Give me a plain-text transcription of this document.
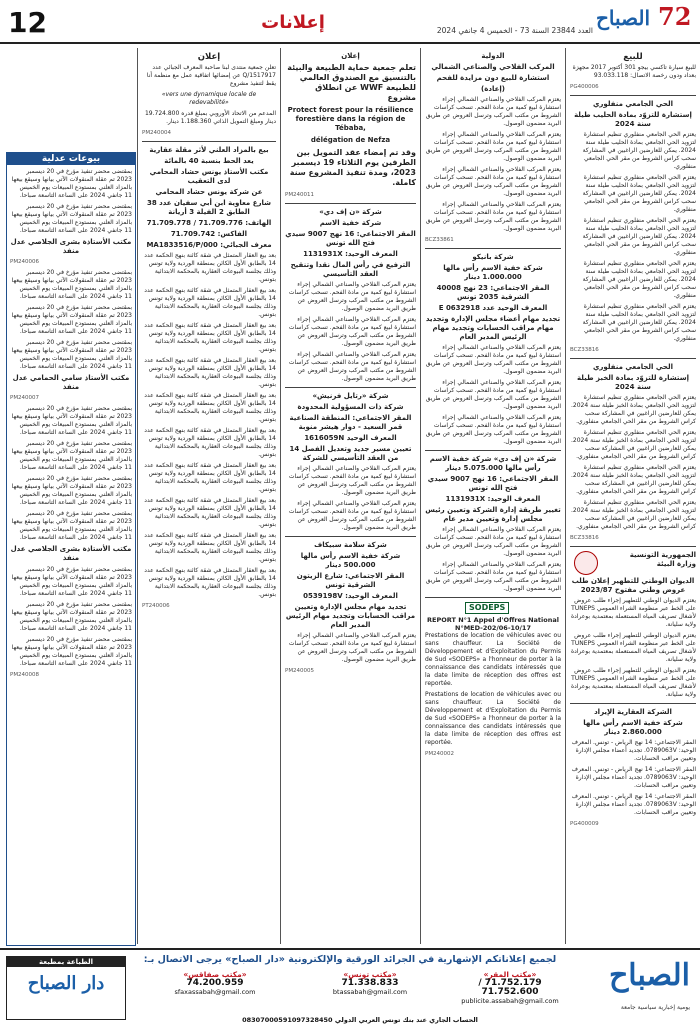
12	إعلانات	العدد 23844 السنة 73 - الخميس 4 جانفي 2024
الصباح 72
للبيع

للبيع سيارة تاكسي بيجو 301 أكتوبر 2017 مجهزة بعداد ودون رخصة الاتصال: 93.033.118

PG400006
الحي الجامعي منفلوري
إستشارة للتزوّد بمادة الحليب طيلة سنة 2024

يعتزم الحي الجامعي منفلوري تنظيم استشارة لتزويد الحي الجامعي بمادة الحليب طيلة سنة 2024. يمكن للعارضين الراغبين في المشاركة سحب كراس الشروط من مقر الحي الجامعي منفلوري.

يعتزم الحي الجامعي منفلوري تنظيم استشارة لتزويد الحي الجامعي بمادة الحليب طيلة سنة 2024. يمكن للعارضين الراغبين في المشاركة سحب كراس الشروط من مقر الحي الجامعي منفلوري.

يعتزم الحي الجامعي منفلوري تنظيم استشارة لتزويد الحي الجامعي بمادة الحليب طيلة سنة 2024. يمكن للعارضين الراغبين في المشاركة سحب كراس الشروط من مقر الحي الجامعي منفلوري.

يعتزم الحي الجامعي منفلوري تنظيم استشارة لتزويد الحي الجامعي بمادة الحليب طيلة سنة 2024. يمكن للعارضين الراغبين في المشاركة سحب كراس الشروط من مقر الحي الجامعي منفلوري.

يعتزم الحي الجامعي منفلوري تنظيم استشارة لتزويد الحي الجامعي بمادة الحليب طيلة سنة 2024. يمكن للعارضين الراغبين في المشاركة سحب كراس الشروط من مقر الحي الجامعي منفلوري.

BCZ33816
الحي الجامعي منفلوري
إستشارة للتزوّد بمادة الخبز طيلة سنة 2024

يعتزم الحي الجامعي منفلوري تنظيم استشارة لتزويد الحي الجامعي بمادة الخبز طيلة سنة 2024. يمكن للعارضين الراغبين في المشاركة سحب كراس الشروط من مقر الحي الجامعي منفلوري.

يعتزم الحي الجامعي منفلوري تنظيم استشارة لتزويد الحي الجامعي بمادة الخبز طيلة سنة 2024. يمكن للعارضين الراغبين في المشاركة سحب كراس الشروط من مقر الحي الجامعي منفلوري.

يعتزم الحي الجامعي منفلوري تنظيم استشارة لتزويد الحي الجامعي بمادة الخبز طيلة سنة 2024. يمكن للعارضين الراغبين في المشاركة سحب كراس الشروط من مقر الحي الجامعي منفلوري.

يعتزم الحي الجامعي منفلوري تنظيم استشارة لتزويد الحي الجامعي بمادة الخبز طيلة سنة 2024. يمكن للعارضين الراغبين في المشاركة سحب كراس الشروط من مقر الحي الجامعي منفلوري.

BCZ33816
الجمهورية التونسية
وزارة البيئة
الديوان الوطني للتطهير إعلان طلب عروض وطني مفتوح 2023/87

يعتزم الديوان الوطني للتطهير إجراء طلب عروض على الخط عبر منظومة الشراء العمومي TUNEPS لأشغال تصريف المياه المستعملة بمعتمدية بوعرادة ولاية سليانة.

يعتزم الديوان الوطني للتطهير إجراء طلب عروض على الخط عبر منظومة الشراء العمومي TUNEPS لأشغال تصريف المياه المستعملة بمعتمدية بوعرادة ولاية سليانة.

يعتزم الديوان الوطني للتطهير إجراء طلب عروض على الخط عبر منظومة الشراء العمومي TUNEPS لأشغال تصريف المياه المستعملة بمعتمدية بوعرادة ولاية سليانة.

الشركة العقارية الإيراد
شركة خفية الاسم رأس مالها 2.860.000 دينار

المقر الاجتماعي: 14 نهج الرياض - تونس. المعرف الوحيد: 0789063V. تجديد أعضاء مجلس الإدارة وتعيين مراقب الحسابات.

المقر الاجتماعي: 14 نهج الرياض - تونس. المعرف الوحيد: 0789063V. تجديد أعضاء مجلس الإدارة وتعيين مراقب الحسابات.

المقر الاجتماعي: 14 نهج الرياض - تونس. المعرف الوحيد: 0789063V. تجديد أعضاء مجلس الإدارة وتعيين مراقب الحسابات.

PG400009
الدولية
المركب الفلاحي والصناعي الشمالي
استشارة للبيع دون مزايدة للفحم
(إعادة)

يعتزم المركب الفلاحي والصناعي الشمالي إجراء استشارة لبيع كمية من مادة الفحم. تسحب كراسات الشروط من مكتب المركب وترسل العروض عن طريق البريد مضمون الوصول.

يعتزم المركب الفلاحي والصناعي الشمالي إجراء استشارة لبيع كمية من مادة الفحم. تسحب كراسات الشروط من مكتب المركب وترسل العروض عن طريق البريد مضمون الوصول.

يعتزم المركب الفلاحي والصناعي الشمالي إجراء استشارة لبيع كمية من مادة الفحم. تسحب كراسات الشروط من مكتب المركب وترسل العروض عن طريق البريد مضمون الوصول.

يعتزم المركب الفلاحي والصناعي الشمالي إجراء استشارة لبيع كمية من مادة الفحم. تسحب كراسات الشروط من مكتب المركب وترسل العروض عن طريق البريد مضمون الوصول.

BCZ33861
شركة بانيكو
شركة خفية الاسم رأس مالها 1.000.000 دينار
المقر الاجتماعي: 23 نهج 40008 الشرقية 2035 تونس
المعرف الوحيد عدد 0632918 E
تجديد مهام أعضاء مجلس الإدارة وتجديد مهام مراقب الحسابات وتجديد مهام الرئيس المدير العام

يعتزم المركب الفلاحي والصناعي الشمالي إجراء استشارة لبيع كمية من مادة الفحم. تسحب كراسات الشروط من مكتب المركب وترسل العروض عن طريق البريد مضمون الوصول.

يعتزم المركب الفلاحي والصناعي الشمالي إجراء استشارة لبيع كمية من مادة الفحم. تسحب كراسات الشروط من مكتب المركب وترسل العروض عن طريق البريد مضمون الوصول.

يعتزم المركب الفلاحي والصناعي الشمالي إجراء استشارة لبيع كمية من مادة الفحم. تسحب كراسات الشروط من مكتب المركب وترسل العروض عن طريق البريد مضمون الوصول.

شركة «ن إف دي» شركة خفية الاسم رأس مالها 5.075.000 دينار
المقر الاجتماعي: 16 نهج 9007 سيدي فتح الله تونس
المعرف الوحيد: 1131931X
تغيير طريقة إدارة الشركة وتعيين رئيس مجلس إدارة وتعيين مدير عام

يعتزم المركب الفلاحي والصناعي الشمالي إجراء استشارة لبيع كمية من مادة الفحم. تسحب كراسات الشروط من مكتب المركب وترسل العروض عن طريق البريد مضمون الوصول.

يعتزم المركب الفلاحي والصناعي الشمالي إجراء استشارة لبيع كمية من مادة الفحم. تسحب كراسات الشروط من مكتب المركب وترسل العروض عن طريق البريد مضمون الوصول.

SODEPS
REPORT N°1 Appel d'Offres National N°MED-202/06-10/17

Prestations de location de véhicules avec ou sans chauffeur. La Société de Développement et d'Exploitation du Permis de Sud «SODEPS» a l'honneur de porter à la connaissance des candidats intéressés que la date limite de réception des offres est reportée.

Prestations de location de véhicules avec ou sans chauffeur. La Société de Développement et d'Exploitation du Permis de Sud «SODEPS» a l'honneur de porter à la connaissance des candidats intéressés que la date limite de réception des offres est reportée.

PM240002
إعلان

تعلم جمعية حماية الطبيعة والبيئة بالتنسيق مع الصندوق العالمي للطبيعة WWF عن انطلاق مشروع

Protect forest pour la résilience forestière dans la région de Tébaba,

délégation de Nefza

وقد تم إمضاء عقد التمويل بين الطرفين يوم الثلاثاء 19 ديسمبر 2023، ومدة تنفيذ المشروع سنة كاملة.

PM240011
شركة «ن إف دي»
شركة خفية الاسم
المقر الاجتماعي: 16 نهج 9007 سيدي فتح الله تونس
المعرف الوحيد: 1131931X
الترفيع في رأس المال نقدا وتنقيح العقد التأسيسي

يعتزم المركب الفلاحي والصناعي الشمالي إجراء استشارة لبيع كمية من مادة الفحم. تسحب كراسات الشروط من مكتب المركب وترسل العروض عن طريق البريد مضمون الوصول.

يعتزم المركب الفلاحي والصناعي الشمالي إجراء استشارة لبيع كمية من مادة الفحم. تسحب كراسات الشروط من مكتب المركب وترسل العروض عن طريق البريد مضمون الوصول.

يعتزم المركب الفلاحي والصناعي الشمالي إجراء استشارة لبيع كمية من مادة الفحم. تسحب كراسات الشروط من مكتب المركب وترسل العروض عن طريق البريد مضمون الوصول.

شركة «رتايل فرنيش»
شركة ذات المسؤولية المحدودة
المقر الاجتماعي: المنطقة الصناعية قمر السعيد - دوار هيشر منوبة
المعرف الوحيد 1616059N
تعيين مسير جديد وتعديل الفصل 14 من العقد التأسيسي للشركة

يعتزم المركب الفلاحي والصناعي الشمالي إجراء استشارة لبيع كمية من مادة الفحم. تسحب كراسات الشروط من مكتب المركب وترسل العروض عن طريق البريد مضمون الوصول.

يعتزم المركب الفلاحي والصناعي الشمالي إجراء استشارة لبيع كمية من مادة الفحم. تسحب كراسات الشروط من مكتب المركب وترسل العروض عن طريق البريد مضمون الوصول.

شركة سلامة سبيكاف
شركة خفية الاسم رأس مالها 500.000 دينار
المقر الاجتماعي: شارع الزيتون الشرقية تونس
المعرف الوحيد: 0539198V
تجديد مهام مجلس الإدارة وتعيين مراقب الحسابات وتجديد مهام الرئيس المدير العام

يعتزم المركب الفلاحي والصناعي الشمالي إجراء استشارة لبيع كمية من مادة الفحم. تسحب كراسات الشروط من مكتب المركب وترسل العروض عن طريق البريد مضمون الوصول.

PM240005
إعلان

تعلن جمعية منتدى لبنا صاحبة المعرف الجبائي عدد 1517917/Q عن إمضائها اتفاقية عمل مع منظمة أنا يقظ لتنفيذ مشروع

«vers une dynamique locale de redevabilité»

المدعم من الاتحاد الأوروبي بمبلغ قدره 19.724.800 دينار ومبلغ التمويل الذاتي 1.188.360 دينار.

PM240004
بيع بالمزاد العلني لأثر مقلة عقارية
يعد الحط بنسبة 40 بالمائة
مكتب الأستاذ يونس حشاد المحامي لدى التعقيب
عن شركة يونس حشاد المحامي
شارع معاوية ابن أبي سفيان عدد 38 الطابق 2 الفيلة 3 أريانة
الهاتف: 71.709.776 / 71.709.778
الفاكس: 71.709.742
معرف الجبائي: MA1833516/P/000

بعد بيع العقار المتمثل في شقة كائنة بنهج الحكمة عدد 14 بالطابق الأول الكائن بمنطقة الوردية ولاية تونس وذلك بجلسة البيوعات العقارية بالمحكمة الابتدائية بتونس.

بعد بيع العقار المتمثل في شقة كائنة بنهج الحكمة عدد 14 بالطابق الأول الكائن بمنطقة الوردية ولاية تونس وذلك بجلسة البيوعات العقارية بالمحكمة الابتدائية بتونس.

بعد بيع العقار المتمثل في شقة كائنة بنهج الحكمة عدد 14 بالطابق الأول الكائن بمنطقة الوردية ولاية تونس وذلك بجلسة البيوعات العقارية بالمحكمة الابتدائية بتونس.

بعد بيع العقار المتمثل في شقة كائنة بنهج الحكمة عدد 14 بالطابق الأول الكائن بمنطقة الوردية ولاية تونس وذلك بجلسة البيوعات العقارية بالمحكمة الابتدائية بتونس.

بعد بيع العقار المتمثل في شقة كائنة بنهج الحكمة عدد 14 بالطابق الأول الكائن بمنطقة الوردية ولاية تونس وذلك بجلسة البيوعات العقارية بالمحكمة الابتدائية بتونس.

بعد بيع العقار المتمثل في شقة كائنة بنهج الحكمة عدد 14 بالطابق الأول الكائن بمنطقة الوردية ولاية تونس وذلك بجلسة البيوعات العقارية بالمحكمة الابتدائية بتونس.

بعد بيع العقار المتمثل في شقة كائنة بنهج الحكمة عدد 14 بالطابق الأول الكائن بمنطقة الوردية ولاية تونس وذلك بجلسة البيوعات العقارية بالمحكمة الابتدائية بتونس.

بعد بيع العقار المتمثل في شقة كائنة بنهج الحكمة عدد 14 بالطابق الأول الكائن بمنطقة الوردية ولاية تونس وذلك بجلسة البيوعات العقارية بالمحكمة الابتدائية بتونس.

بعد بيع العقار المتمثل في شقة كائنة بنهج الحكمة عدد 14 بالطابق الأول الكائن بمنطقة الوردية ولاية تونس وذلك بجلسة البيوعات العقارية بالمحكمة الابتدائية بتونس.

بعد بيع العقار المتمثل في شقة كائنة بنهج الحكمة عدد 14 بالطابق الأول الكائن بمنطقة الوردية ولاية تونس وذلك بجلسة البيوعات العقارية بالمحكمة الابتدائية بتونس.

PT240006
بيوعات عدلية

بمقتضى محضر تنفيذ مؤرخ في 20 ديسمبر 2023 تم عقلة المنقولات الآتي بيانها وسيقع بيعها بالمزاد العلني بمستودع المبيعات يوم الخميس 11 جانفي 2024 على الساعة التاسعة صباحا.

بمقتضى محضر تنفيذ مؤرخ في 20 ديسمبر 2023 تم عقلة المنقولات الآتي بيانها وسيقع بيعها بالمزاد العلني بمستودع المبيعات يوم الخميس 11 جانفي 2024 على الساعة التاسعة صباحا.

مكتب الأستاذة بشرى الجلاصي عدل منفذ
PM240006

بمقتضى محضر تنفيذ مؤرخ في 20 ديسمبر 2023 تم عقلة المنقولات الآتي بيانها وسيقع بيعها بالمزاد العلني بمستودع المبيعات يوم الخميس 11 جانفي 2024 على الساعة التاسعة صباحا.

بمقتضى محضر تنفيذ مؤرخ في 20 ديسمبر 2023 تم عقلة المنقولات الآتي بيانها وسيقع بيعها بالمزاد العلني بمستودع المبيعات يوم الخميس 11 جانفي 2024 على الساعة التاسعة صباحا.

بمقتضى محضر تنفيذ مؤرخ في 20 ديسمبر 2023 تم عقلة المنقولات الآتي بيانها وسيقع بيعها بالمزاد العلني بمستودع المبيعات يوم الخميس 11 جانفي 2024 على الساعة التاسعة صباحا.

مكتب الأستاذ سامي الحمامي عدل منفذ
PM240007

بمقتضى محضر تنفيذ مؤرخ في 20 ديسمبر 2023 تم عقلة المنقولات الآتي بيانها وسيقع بيعها بالمزاد العلني بمستودع المبيعات يوم الخميس 11 جانفي 2024 على الساعة التاسعة صباحا.

بمقتضى محضر تنفيذ مؤرخ في 20 ديسمبر 2023 تم عقلة المنقولات الآتي بيانها وسيقع بيعها بالمزاد العلني بمستودع المبيعات يوم الخميس 11 جانفي 2024 على الساعة التاسعة صباحا.

بمقتضى محضر تنفيذ مؤرخ في 20 ديسمبر 2023 تم عقلة المنقولات الآتي بيانها وسيقع بيعها بالمزاد العلني بمستودع المبيعات يوم الخميس 11 جانفي 2024 على الساعة التاسعة صباحا.

بمقتضى محضر تنفيذ مؤرخ في 20 ديسمبر 2023 تم عقلة المنقولات الآتي بيانها وسيقع بيعها بالمزاد العلني بمستودع المبيعات يوم الخميس 11 جانفي 2024 على الساعة التاسعة صباحا.

مكتب الأستاذة بشرى الجلاصي عدل منفذ

بمقتضى محضر تنفيذ مؤرخ في 20 ديسمبر 2023 تم عقلة المنقولات الآتي بيانها وسيقع بيعها بالمزاد العلني بمستودع المبيعات يوم الخميس 11 جانفي 2024 على الساعة التاسعة صباحا.

بمقتضى محضر تنفيذ مؤرخ في 20 ديسمبر 2023 تم عقلة المنقولات الآتي بيانها وسيقع بيعها بالمزاد العلني بمستودع المبيعات يوم الخميس 11 جانفي 2024 على الساعة التاسعة صباحا.

بمقتضى محضر تنفيذ مؤرخ في 20 ديسمبر 2023 تم عقلة المنقولات الآتي بيانها وسيقع بيعها بالمزاد العلني بمستودع المبيعات يوم الخميس 11 جانفي 2024 على الساعة التاسعة صباحا.

PM240008
الصباح
يومية إخبارية سياسية جامعة
لجميع إعلاناتكم الإشهارية في الجرائد الورقية والإلكترونية «دار الصباح» يرجى الاتصال بـ:
«مكتب المقر»
71.752.179 / 71.752.600
publicite.assabah@gmail.com
«مكتب تونس»
71.338.833
btassabah@gmail.com
«مكتب صفاقس»
74.200.959
sfaxassabah@gmail.com
الحساب الجاري عند بنك تونس العربي الدولي 08307000591097328450
الطباعة بمطبعة
دار الصباح
